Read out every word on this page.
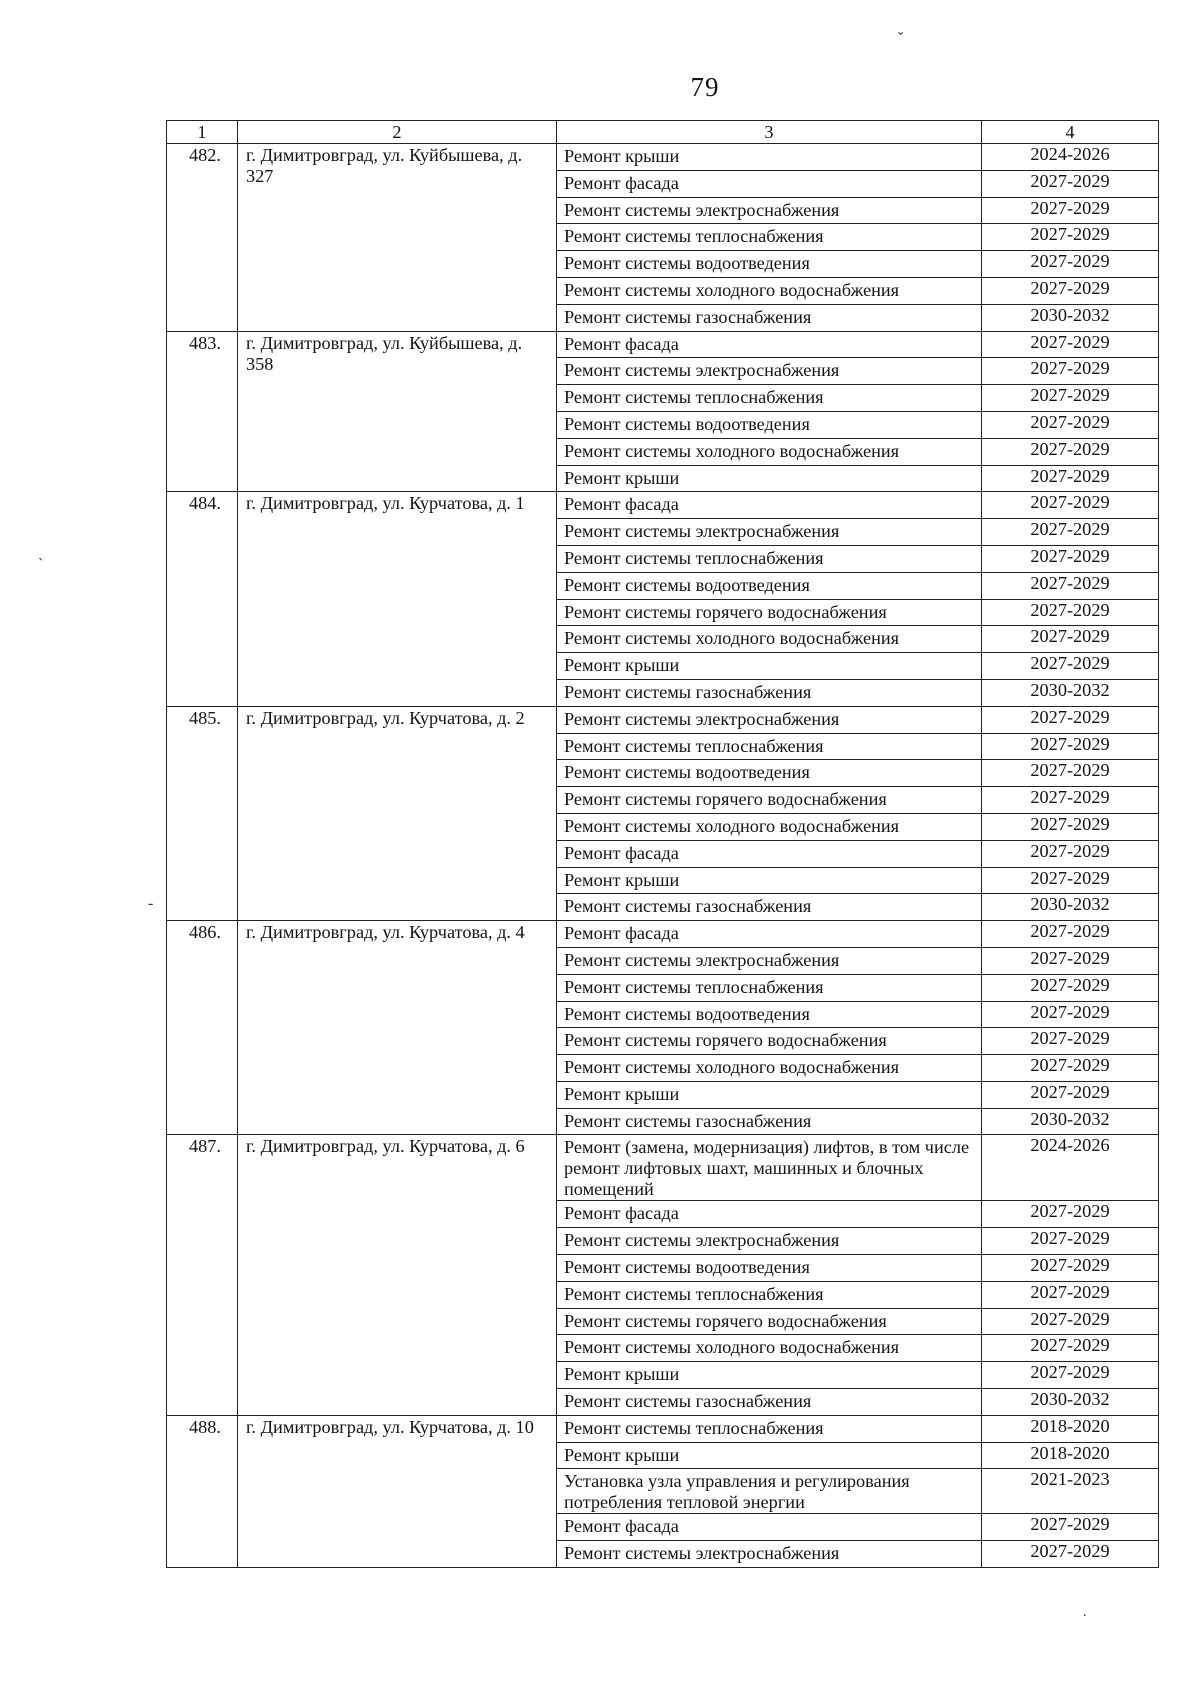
79
1	2	3	4
482.	г. Димитровград, ул. Куйбышева, д. 327	Ремонт крыши	2024-2026
		Ремонт фасада	2027-2029
		Ремонт системы электроснабжения	2027-2029
		Ремонт системы теплоснабжения	2027-2029
		Ремонт системы водоотведения	2027-2029
		Ремонт системы холодного водоснабжения	2027-2029
		Ремонт системы газоснабжения	2030-2032
483.	г. Димитровград, ул. Куйбышева, д. 358	Ремонт фасада	2027-2029
		Ремонт системы электроснабжения	2027-2029
		Ремонт системы теплоснабжения	2027-2029
		Ремонт системы водоотведения	2027-2029
		Ремонт системы холодного водоснабжения	2027-2029
		Ремонт крыши	2027-2029
484.	г. Димитровград, ул. Курчатова, д. 1	Ремонт фасада	2027-2029
		Ремонт системы электроснабжения	2027-2029
		Ремонт системы теплоснабжения	2027-2029
		Ремонт системы водоотведения	2027-2029
		Ремонт системы горячего водоснабжения	2027-2029
		Ремонт системы холодного водоснабжения	2027-2029
		Ремонт крыши	2027-2029
		Ремонт системы газоснабжения	2030-2032
485.	г. Димитровград, ул. Курчатова, д. 2	Ремонт системы электроснабжения	2027-2029
		Ремонт системы теплоснабжения	2027-2029
		Ремонт системы водоотведения	2027-2029
		Ремонт системы горячего водоснабжения	2027-2029
		Ремонт системы холодного водоснабжения	2027-2029
		Ремонт фасада	2027-2029
		Ремонт крыши	2027-2029
		Ремонт системы газоснабжения	2030-2032
486.	г. Димитровград, ул. Курчатова, д. 4	Ремонт фасада	2027-2029
		Ремонт системы электроснабжения	2027-2029
		Ремонт системы теплоснабжения	2027-2029
		Ремонт системы водоотведения	2027-2029
		Ремонт системы горячего водоснабжения	2027-2029
		Ремонт системы холодного водоснабжения	2027-2029
		Ремонт крыши	2027-2029
		Ремонт системы газоснабжения	2030-2032
487.	г. Димитровград, ул. Курчатова, д. 6	Ремонт (замена, модернизация) лифтов, в том числе ремонт лифтовых шахт, машинных и блочных помещений	2024-2026
		Ремонт фасада	2027-2029
		Ремонт системы электроснабжения	2027-2029
		Ремонт системы водоотведения	2027-2029
		Ремонт системы теплоснабжения	2027-2029
		Ремонт системы горячего водоснабжения	2027-2029
		Ремонт системы холодного водоснабжения	2027-2029
		Ремонт крыши	2027-2029
		Ремонт системы газоснабжения	2030-2032
488.	г. Димитровград, ул. Курчатова, д. 10	Ремонт системы теплоснабжения	2018-2020
		Ремонт крыши	2018-2020
		Установка узла управления и регулирования потребления тепловой энергии	2021-2023
		Ремонт фасада	2027-2029
		Ремонт системы электроснабжения	2027-2029
ˇ
ˏ
-
˙
